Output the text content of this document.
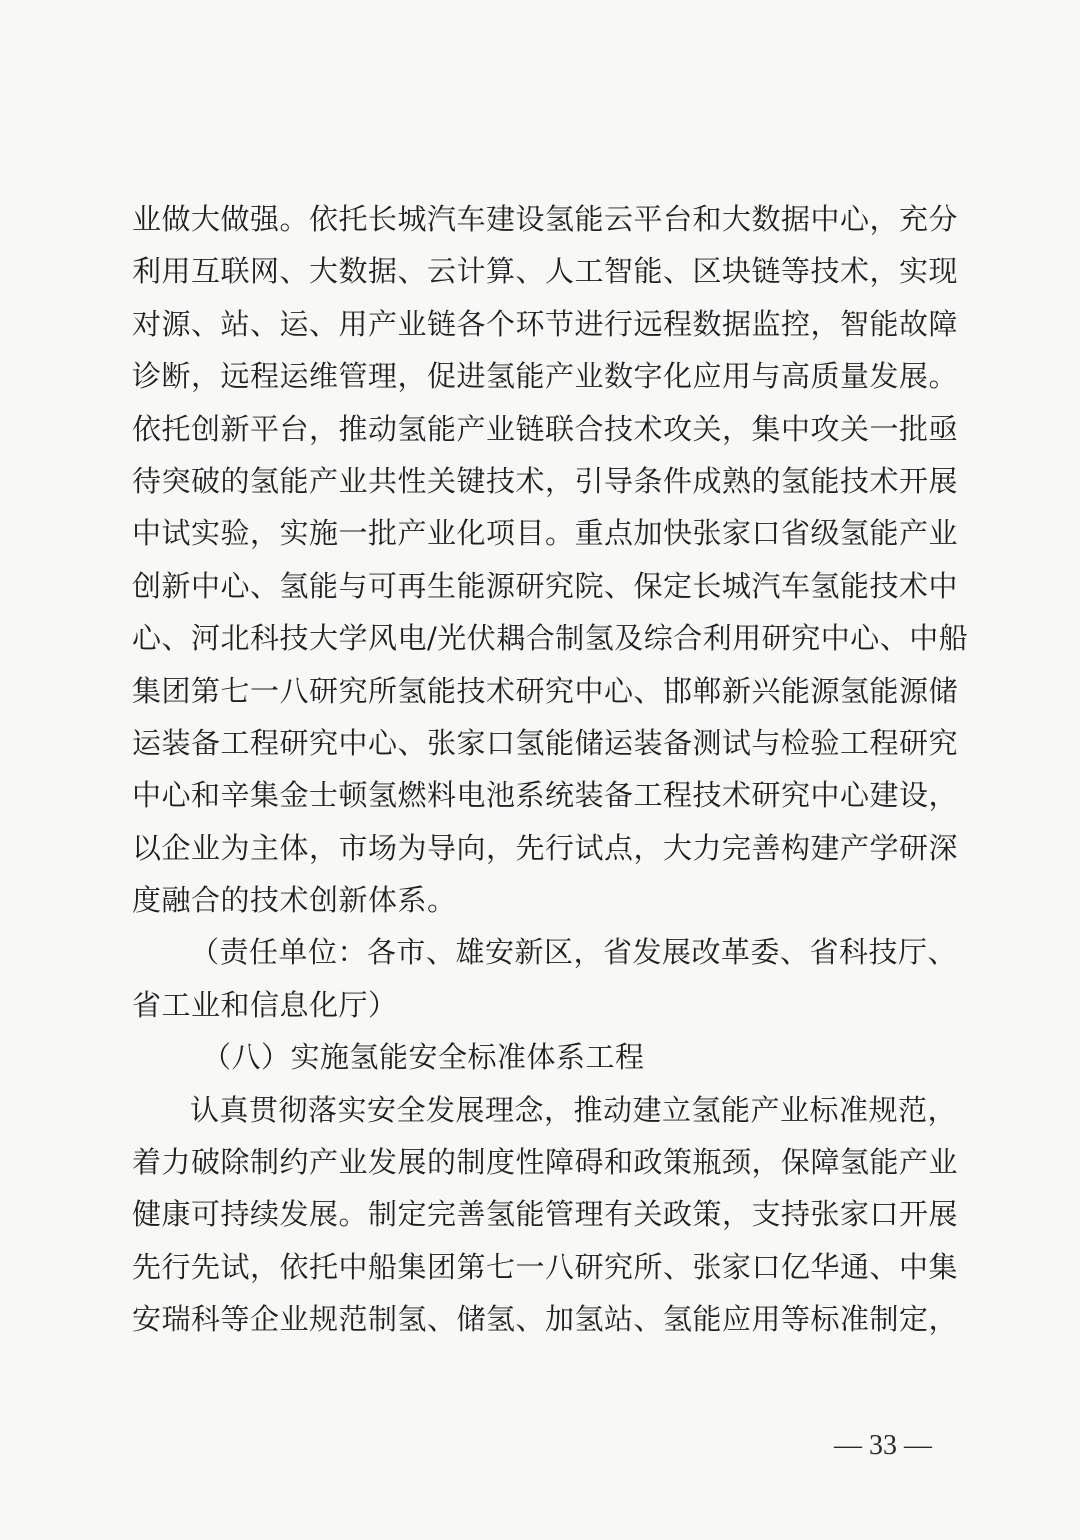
业做大做强。依托长城汽车建设氢能云平台和大数据中心，充分
利用互联网、大数据、云计算、人工智能、区块链等技术，实现
对源、站、运、用产业链各个环节进行远程数据监控，智能故障
诊断，远程运维管理，促进氢能产业数字化应用与高质量发展。
依托创新平台，推动氢能产业链联合技术攻关，集中攻关一批亟
待突破的氢能产业共性关键技术，引导条件成熟的氢能技术开展
中试实验，实施一批产业化项目。重点加快张家口省级氢能产业
创新中心、氢能与可再生能源研究院、保定长城汽车氢能技术中
心、河北科技大学风电/光伏耦合制氢及综合利用研究中心、中船
集团第七一八研究所氢能技术研究中心、邯郸新兴能源氢能源储
运装备工程研究中心、张家口氢能储运装备测试与检验工程研究
中心和辛集金士顿氢燃料电池系统装备工程技术研究中心建设，
以企业为主体，市场为导向，先行试点，大力完善构建产学研深
度融合的技术创新体系。
（责任单位：各市、雄安新区，省发展改革委、省科技厅、
省工业和信息化厅）
（八）实施氢能安全标准体系工程
认真贯彻落实安全发展理念，推动建立氢能产业标准规范，
着力破除制约产业发展的制度性障碍和政策瓶颈，保障氢能产业
健康可持续发展。制定完善氢能管理有关政策，支持张家口开展
先行先试，依托中船集团第七一八研究所、张家口亿华通、中集
安瑞科等企业规范制氢、储氢、加氢站、氢能应用等标准制定，
— 33 —
